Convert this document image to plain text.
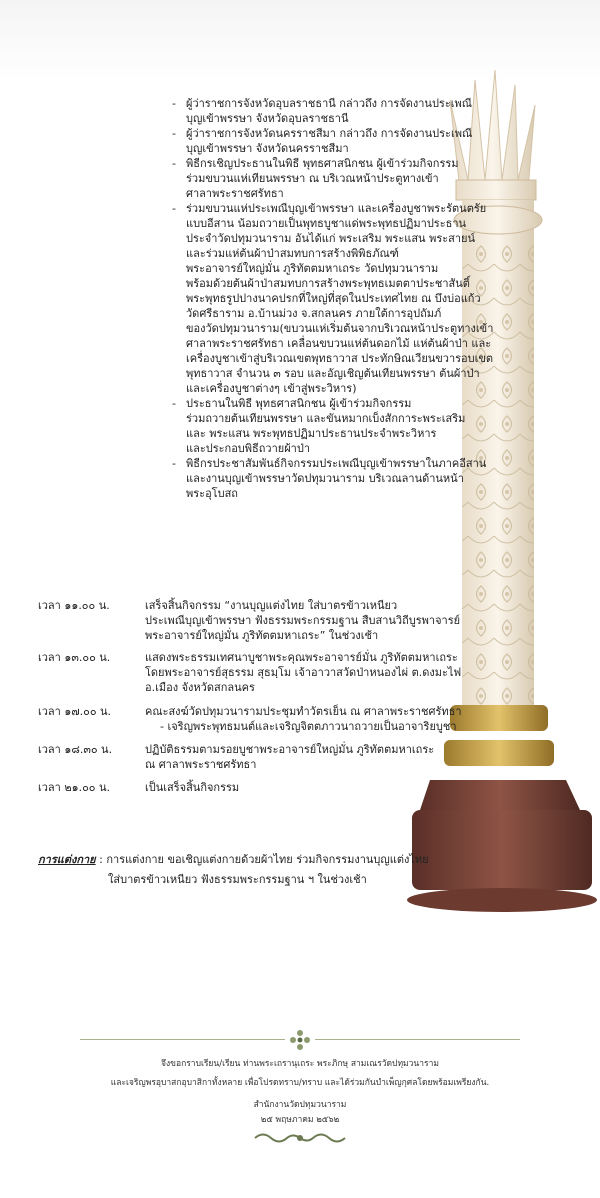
- ผู้ว่าราชการจังหวัดอุบลราชธานี กล่าวถึง การจัดงานประเพณี
บุญเข้าพรรษา จังหวัดอุบลราชธานี
- ผู้ว่าราชการจังหวัดนครราชสีมา กล่าวถึง การจัดงานประเพณี
บุญเข้าพรรษา จังหวัดนครราชสีมา
- พิธีกรเชิญประธานในพิธี พุทธศาสนิกชน ผู้เข้าร่วมกิจกรรม
ร่วมขบวนแห่เทียนพรรษา ณ บริเวณหน้าประตูทางเข้า
ศาลาพระราชศรัทธา
- ร่วมขบวนแห่ประเพณีบุญเข้าพรรษา และเครื่องบูชาพระรัตนตรัย
แบบอีสาน น้อมถวายเป็นพุทธบูชาแด่พระพุทธปฏิมาประธาน
ประจำวัดปทุมวนาราม อันได้แก่ พระเสริม พระแสน พระสายน์
และร่วมแห่ต้นผ้าป่าสมทบการสร้างพิพิธภัณฑ์
พระอาจารย์ใหญ่มั่น ภูริทัตตมหาเถระ วัดปทุมวนาราม
พร้อมด้วยต้นผ้าป่าสมทบการสร้างพระพุทธเมตตาประชาสันติ์
พระพุทธรูปปางนาคปรกที่ใหญ่ที่สุดในประเทศไทย ณ บึงบ่อแก้ว
วัดศรีธาราม อ.บ้านม่วง จ.สกลนคร ภายใต้การอุปถัมภ์
ของวัดปทุมวนาราม(ขบวนแห่เริ่มต้นจากบริเวณหน้าประตูทางเข้า
ศาลาพระราชศรัทธา เคลื่อนขบวนแห่ต้นดอกไม้ แห่ต้นผ้าป่า และ
เครื่องบูชาเข้าสู่บริเวณเขตพุทธาวาส ประทักษิณเวียนขวารอบเขต
พุทธาวาส จำนวน ๓ รอบ และอัญเชิญต้นเทียนพรรษา ต้นผ้าป่า
และเครื่องบูชาต่างๆ เข้าสู่พระวิหาร)
- ประธานในพิธี พุทธศาสนิกชน ผู้เข้าร่วมกิจกรรม
ร่วมถวายต้นเทียนพรรษา และขันหมากเบ็งสักการะพระเสริม
และ พระแสน พระพุทธปฏิมาประธานประจำพระวิหาร
และประกอบพิธีถวายผ้าป่า
- พิธีกรประชาสัมพันธ์กิจกรรมประเพณีบุญเข้าพรรษาในภาคอีสาน
และงานบุญเข้าพรรษาวัดปทุมวนาราม บริเวณลานด้านหน้า
พระอุโบสถ
เวลา ๑๑.๐๐ น.	เสร็จสิ้นกิจกรรม “งานบุญแต่งไทย ใส่บาตรข้าวเหนียว
ประเพณีบุญเข้าพรรษา ฟังธรรมพระกรรมฐาน สืบสานวิถีบูรพาจารย์
พระอาจารย์ใหญ่มั่น ภูริทัตตมหาเถระ” ในช่วงเช้า
เวลา ๑๓.๐๐ น.	แสดงพระธรรมเทศนาบูชาพระคุณพระอาจารย์มั่น ภูริทัตตมหาเถระ
โดยพระอาจารย์สุธรรม สุธมฺโม เจ้าอาวาสวัดป่าหนองไผ่ ต.ดงมะไฟ
อ.เมือง จังหวัดสกลนคร
เวลา ๑๗.๐๐ น.	คณะสงฆ์วัดปทุมวนารามประชุมทำวัตรเย็น ณ ศาลาพระราชศรัทธา
- เจริญพระพุทธมนต์และเจริญจิตตภาวนาถวายเป็นอาจาริยบูชา
เวลา ๑๘.๓๐ น.	ปฏิบัติธรรมตามรอยบูชาพระอาจารย์ใหญ่มั่น ภูริทัตตมหาเถระ
ณ ศาลาพระราชศรัทธา
เวลา ๒๑.๐๐ น.	เป็นเสร็จสิ้นกิจกรรม
การแต่งกาย : การแต่งกาย ขอเชิญแต่งกายด้วยผ้าไทย ร่วมกิจกรรมงานบุญแต่งไทย
ใส่บาตรข้าวเหนียว ฟังธรรมพระกรรมฐาน ฯ ในช่วงเช้า
จึงขอกราบเรียน/เรียน ท่านพระเถรานุเถระ พระภิกษุ สามเณรวัดปทุมวนาราม
และเจริญพรอุบาสกอุบาสิกาทั้งหลาย เพื่อโปรดทราบ/ทราบ และได้ร่วมกันบำเพ็ญกุศลโดยพร้อมเพรียงกัน.
สำนักงานวัดปทุมวนาราม
๒๕ พฤษภาคม ๒๕๖๒
